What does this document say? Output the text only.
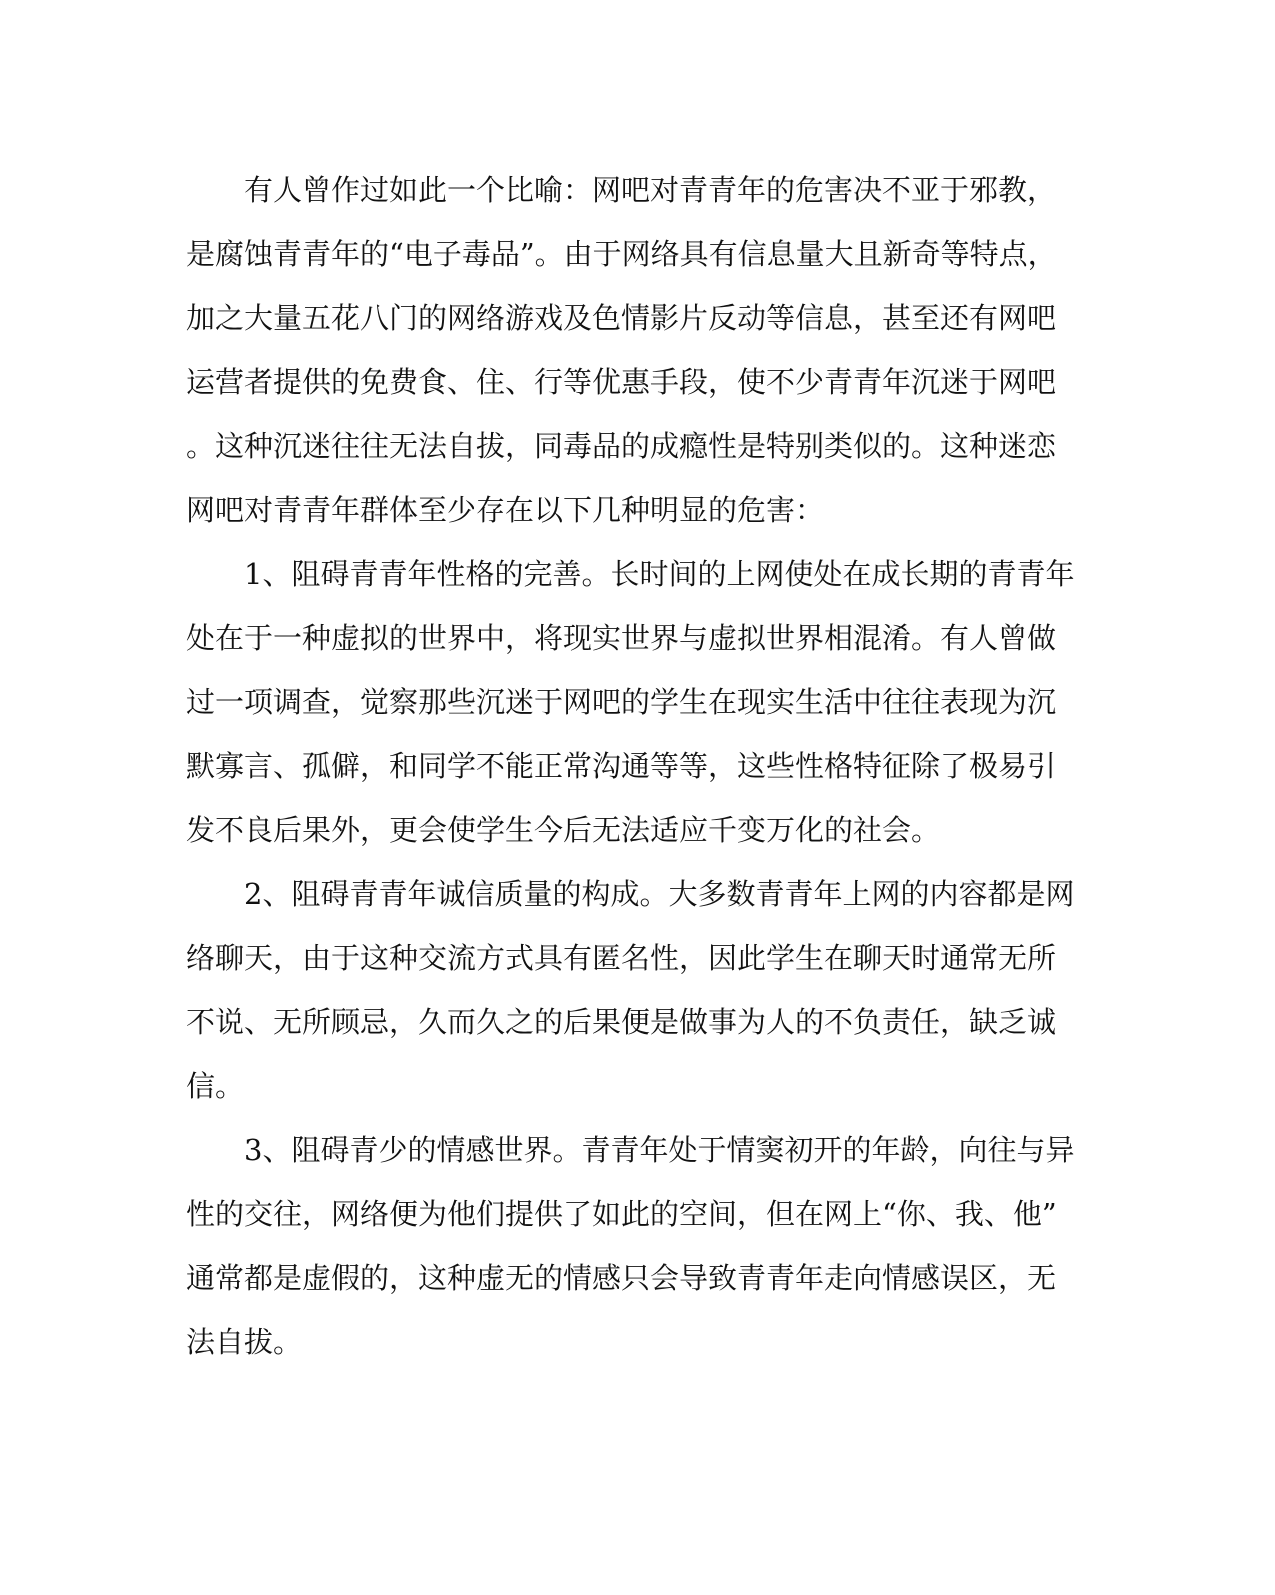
有人曾作过如此一个比喻：网吧对青青年的危害决不亚于邪教，
是腐蚀青青年的“电子毒品”。由于网络具有信息量大且新奇等特点，
加之大量五花八门的网络游戏及色情影片反动等信息，甚至还有网吧
运营者提供的免费食、住、行等优惠手段，使不少青青年沉迷于网吧
。这种沉迷往往无法自拔，同毒品的成瘾性是特别类似的。这种迷恋
网吧对青青年群体至少存在以下几种明显的危害：
1、阻碍青青年性格的完善。长时间的上网使处在成长期的青青年
处在于一种虚拟的世界中，将现实世界与虚拟世界相混淆。有人曾做
过一项调查，觉察那些沉迷于网吧的学生在现实生活中往往表现为沉
默寡言、孤僻，和同学不能正常沟通等等，这些性格特征除了极易引
发不良后果外，更会使学生今后无法适应千变万化的社会。
2、阻碍青青年诚信质量的构成。大多数青青年上网的内容都是网
络聊天，由于这种交流方式具有匿名性，因此学生在聊天时通常无所
不说、无所顾忌，久而久之的后果便是做事为人的不负责任，缺乏诚
信。
3、阻碍青少的情感世界。青青年处于情窦初开的年龄，向往与异
性的交往，网络便为他们提供了如此的空间，但在网上“你、我、他”
通常都是虚假的，这种虚无的情感只会导致青青年走向情感误区，无
法自拔。
